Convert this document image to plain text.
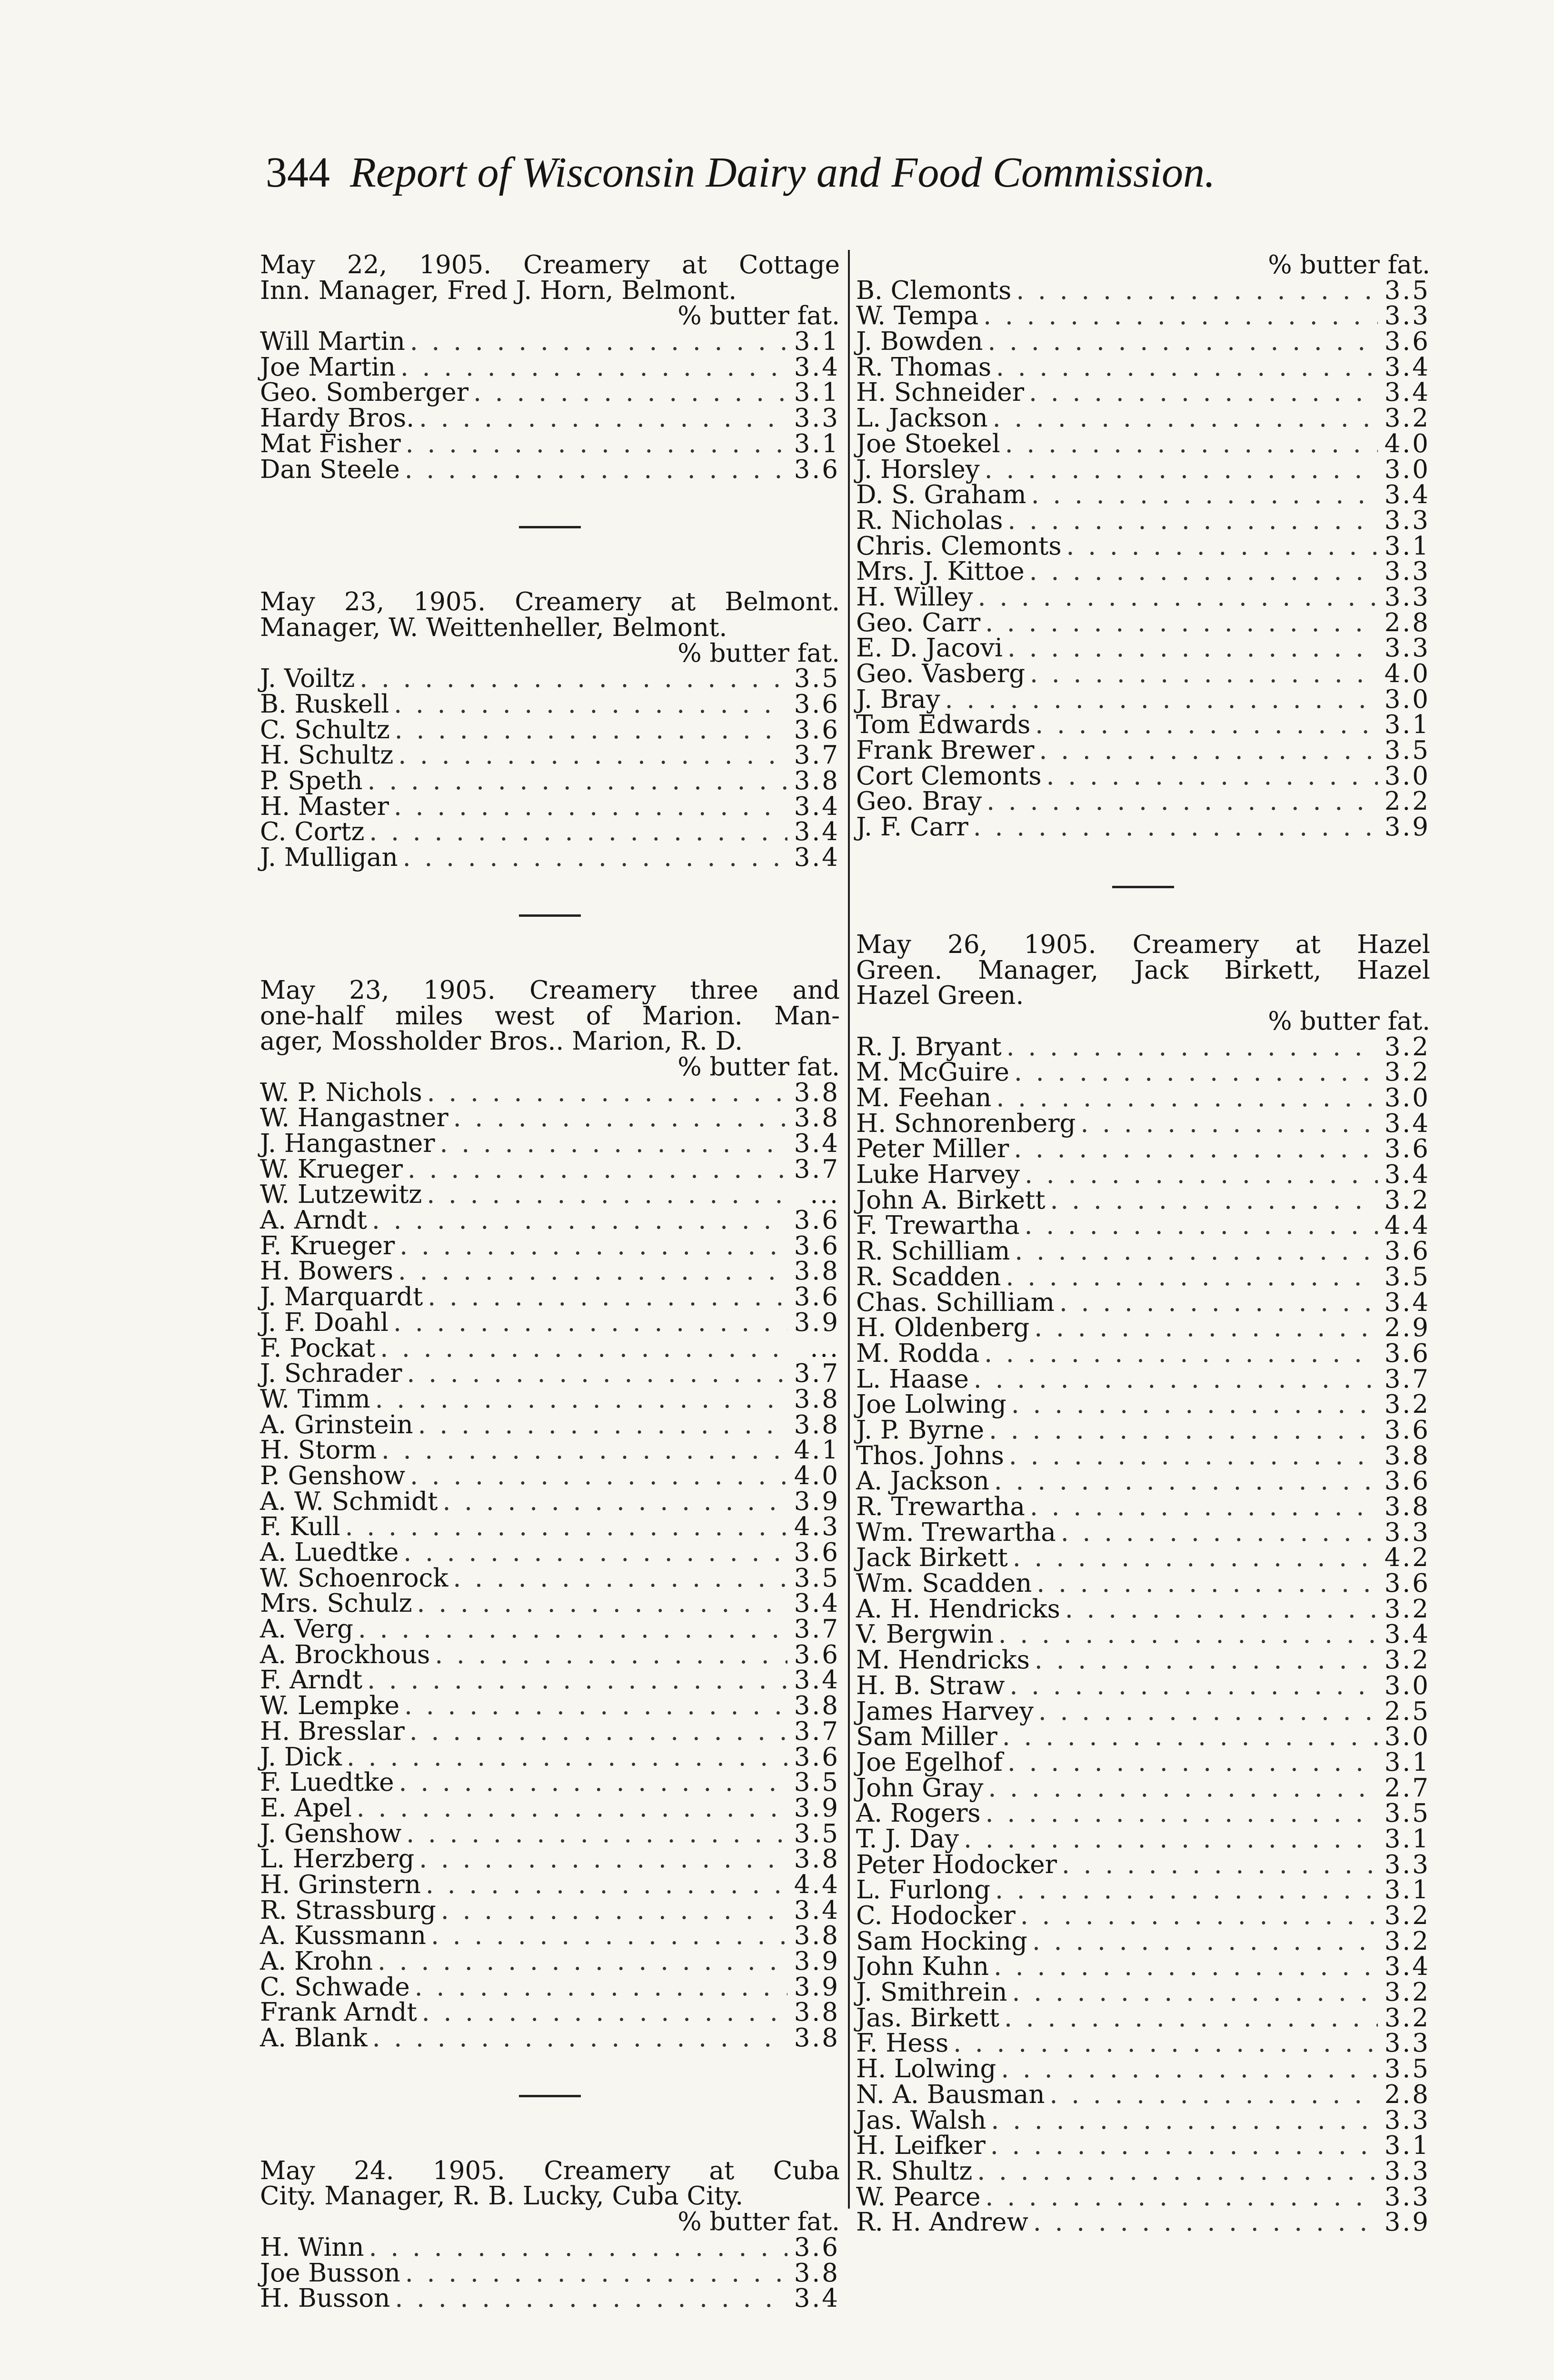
344 Report of Wisconsin Dairy and Food Commission.
May 22, 1905. Creamery at Cottage
Inn. Manager, Fred J. Horn, Belmont.
% butter fat.
Will Martin . . .	3.1
Joe Martin . . .	3.4
Geo. Somberger . . .	3.1
Hardy Bros. . . .	3.3
Mat Fisher . . .	3.1
Dan Steele . . .	3.6
May 23, 1905. Creamery at Belmont.
Manager, W. Weittenheller, Belmont.
% butter fat.
J. Voiltz . . .	3.5
B. Ruskell . . .	3.6
C. Schultz . . .	3.6
H. Schultz . . .	3.7
P. Speth . . .	3.8
H. Master . . .	3.4
C. Cortz . . .	3.4
J. Mulligan . . .	3.4
May 23, 1905. Creamery three and
one-half miles west of Marion. Man-
ager, Mossholder Bros.. Marion, R. D.
% butter fat.
W. P. Nichols . . .	3.8
W. Hangastner . . .	3.8
J. Hangastner . . .	3.4
W. Krueger . . .	3.7
W. Lutzewitz . . .	...
A. Arndt . . .	3.6
F. Krueger . . .	3.6
H. Bowers . . .	3.8
J. Marquardt . . .	3.6
J. F. Doahl . . .	3.9
F. Pockat . . .	...
J. Schrader . . .	3.7
W. Timm . . .	3.8
A. Grinstein . . .	3.8
H. Storm . . .	4.1
P. Genshow . . .	4.0
A. W. Schmidt . . .	3.9
F. Kull . . .	4.3
A. Luedtke . . .	3.6
W. Schoenrock . . .	3.5
Mrs. Schulz . . .	3.4
A. Verg . . .	3.7
A. Brockhous . . .	3.6
F. Arndt . . .	3.4
W. Lempke . . .	3.8
H. Bresslar . . .	3.7
J. Dick . . .	3.6
F. Luedtke . . .	3.5
E. Apel . . .	3.9
J. Genshow . . .	3.5
L. Herzberg . . .	3.8
H. Grinstern . . .	4.4
R. Strassburg . . .	3.4
A. Kussmann . . .	3.8
A. Krohn . . .	3.9
C. Schwade . . .	3.9
Frank Arndt . . .	3.8
A. Blank . . .	3.8
May 24. 1905. Creamery at Cuba
City. Manager, R. B. Lucky, Cuba City.
% butter fat.
H. Winn . . .	3.6
Joe Busson . . .	3.8
H. Busson . . .	3.4
% butter fat.
B. Clemonts . . .	3.5
W. Tempa . . .	3.3
J. Bowden . . .	3.6
R. Thomas . . .	3.4
H. Schneider . . .	3.4
L. Jackson . . .	3.2
Joe Stoekel . . .	4.0
J. Horsley . . .	3.0
D. S. Graham . . .	3.4
R. Nicholas . . .	3.3
Chris. Clemonts . . .	3.1
Mrs. J. Kittoe . . .	3.3
H. Willey . . .	3.3
Geo. Carr . . .	2.8
E. D. Jacovi . . .	3.3
Geo. Vasberg . . .	4.0
J. Bray . . .	3.0
Tom Edwards . . .	3.1
Frank Brewer . . .	3.5
Cort Clemonts . . .	3.0
Geo. Bray . . .	2.2
J. F. Carr . . .	3.9
May 26, 1905. Creamery at Hazel
Green. Manager, Jack Birkett, Hazel
Hazel Green.
% butter fat.
R. J. Bryant . . .	3.2
M. McGuire . . .	3.2
M. Feehan . . .	3.0
H. Schnorenberg . . .	3.4
Peter Miller . . .	3.6
Luke Harvey . . .	3.4
John A. Birkett . . .	3.2
F. Trewartha . . .	4.4
R. Schilliam . . .	3.6
R. Scadden . . .	3.5
Chas. Schilliam . . .	3.4
H. Oldenberg . . .	2.9
M. Rodda . . .	3.6
L. Haase . . .	3.7
Joe Lolwing . . .	3.2
J. P. Byrne . . .	3.6
Thos. Johns . . .	3.8
A. Jackson . . .	3.6
R. Trewartha . . .	3.8
Wm. Trewartha . . .	3.3
Jack Birkett . . .	4.2
Wm. Scadden . . .	3.6
A. H. Hendricks . . .	3.2
V. Bergwin . . .	3.4
M. Hendricks . . .	3.2
H. B. Straw . . .	3.0
James Harvey . . .	2.5
Sam Miller . . .	3.0
Joe Egelhof . . .	3.1
John Gray . . .	2.7
A. Rogers . . .	3.5
T. J. Day . . .	3.1
Peter Hodocker . . .	3.3
L. Furlong . . .	3.1
C. Hodocker . . .	3.2
Sam Hocking . . .	3.2
John Kuhn . . .	3.4
J. Smithrein . . .	3.2
Jas. Birkett . . .	3.2
F. Hess . . .	3.3
H. Lolwing . . .	3.5
N. A. Bausman . . .	2.8
Jas. Walsh . . .	3.3
H. Leifker . . .	3.1
R. Shultz . . .	3.3
W. Pearce . . .	3.3
R. H. Andrew . . .	3.9
